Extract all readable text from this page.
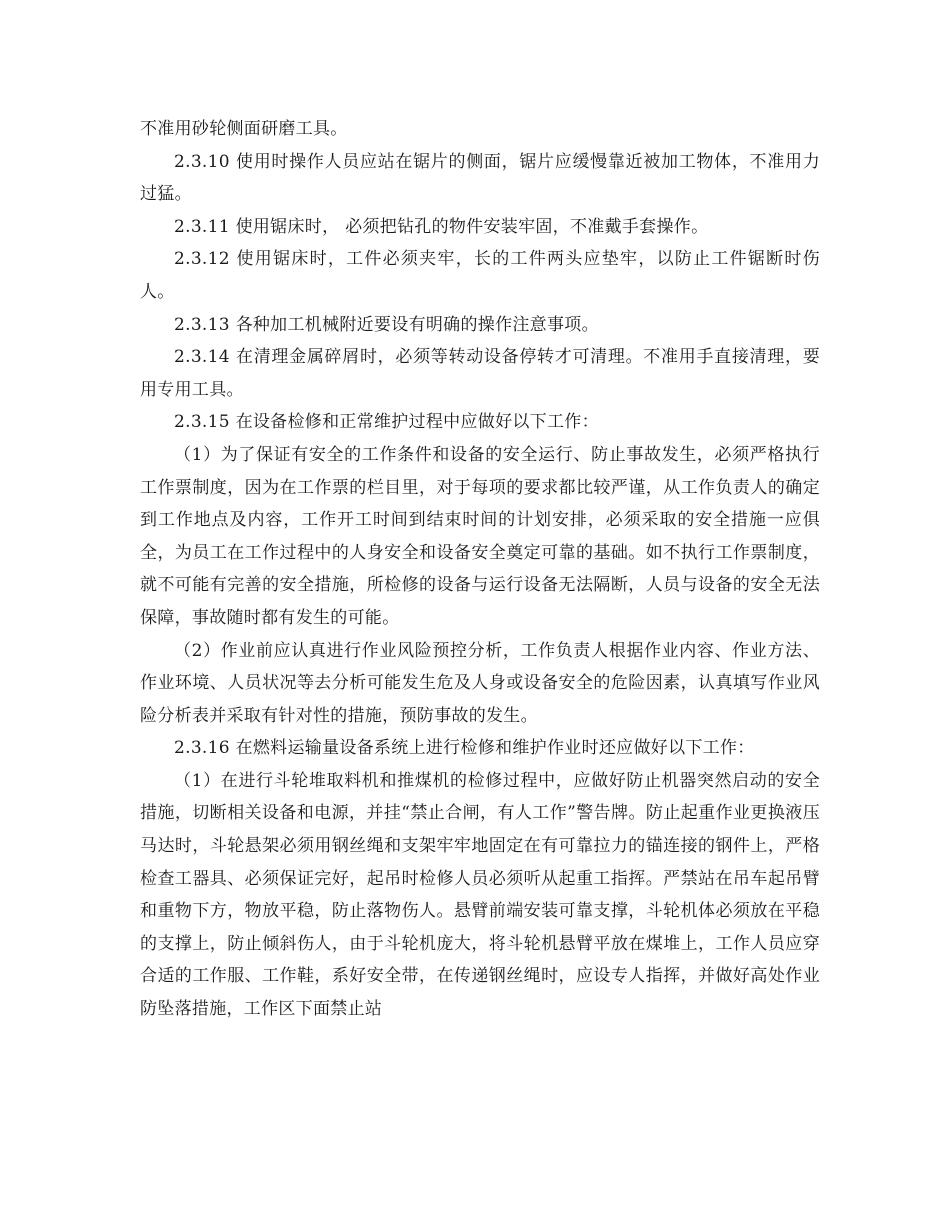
不准用砂轮侧面研磨工具。

2.3.10 使用时操作人员应站在锯片的侧面，锯片应缓慢靠近被加工物体，不准用力过猛。

2.3.11 使用锯床时， 必须把钻孔的物件安装牢固，不准戴手套操作。

2.3.12 使用锯床时，工件必须夹牢，长的工件两头应垫牢，以防止工件锯断时伤人。

2.3.13 各种加工机械附近要设有明确的操作注意事项。

2.3.14 在清理金属碎屑时，必须等转动设备停转才可清理。不准用手直接清理，要用专用工具。

2.3.15 在设备检修和正常维护过程中应做好以下工作：

（1）为了保证有安全的工作条件和设备的安全运行、防止事故发生，必须严格执行工作票制度，因为在工作票的栏目里，对于每项的要求都比较严谨，从工作负责人的确定到工作地点及内容，工作开工时间到结束时间的计划安排，必须采取的安全措施一应俱全，为员工在工作过程中的人身安全和设备安全奠定可靠的基础。如不执行工作票制度，就不可能有完善的安全措施，所检修的设备与运行设备无法隔断，人员与设备的安全无法保障，事故随时都有发生的可能。

（2）作业前应认真进行作业风险预控分析，工作负责人根据作业内容、作业方法、作业环境、人员状况等去分析可能发生危及人身或设备安全的危险因素，认真填写作业风险分析表并采取有针对性的措施，预防事故的发生。

2.3.16 在燃料运输量设备系统上进行检修和维护作业时还应做好以下工作：

（1）在进行斗轮堆取料机和推煤机的检修过程中，应做好防止机器突然启动的安全措施，切断相关设备和电源，并挂“禁止合闸，有人工作”警告牌。防止起重作业更换液压马达时，斗轮悬架必须用钢丝绳和支架牢牢地固定在有可靠拉力的锚连接的钢件上，严格检查工器具、必须保证完好，起吊时检修人员必须听从起重工指挥。严禁站在吊车起吊臂和重物下方，物放平稳，防止落物伤人。悬臂前端安装可靠支撑，斗轮机体必须放在平稳的支撑上，防止倾斜伤人，由于斗轮机庞大，将斗轮机悬臂平放在煤堆上，工作人员应穿合适的工作服、工作鞋，系好安全带，在传递钢丝绳时，应设专人指挥，并做好高处作业防坠落措施，工作区下面禁止站
